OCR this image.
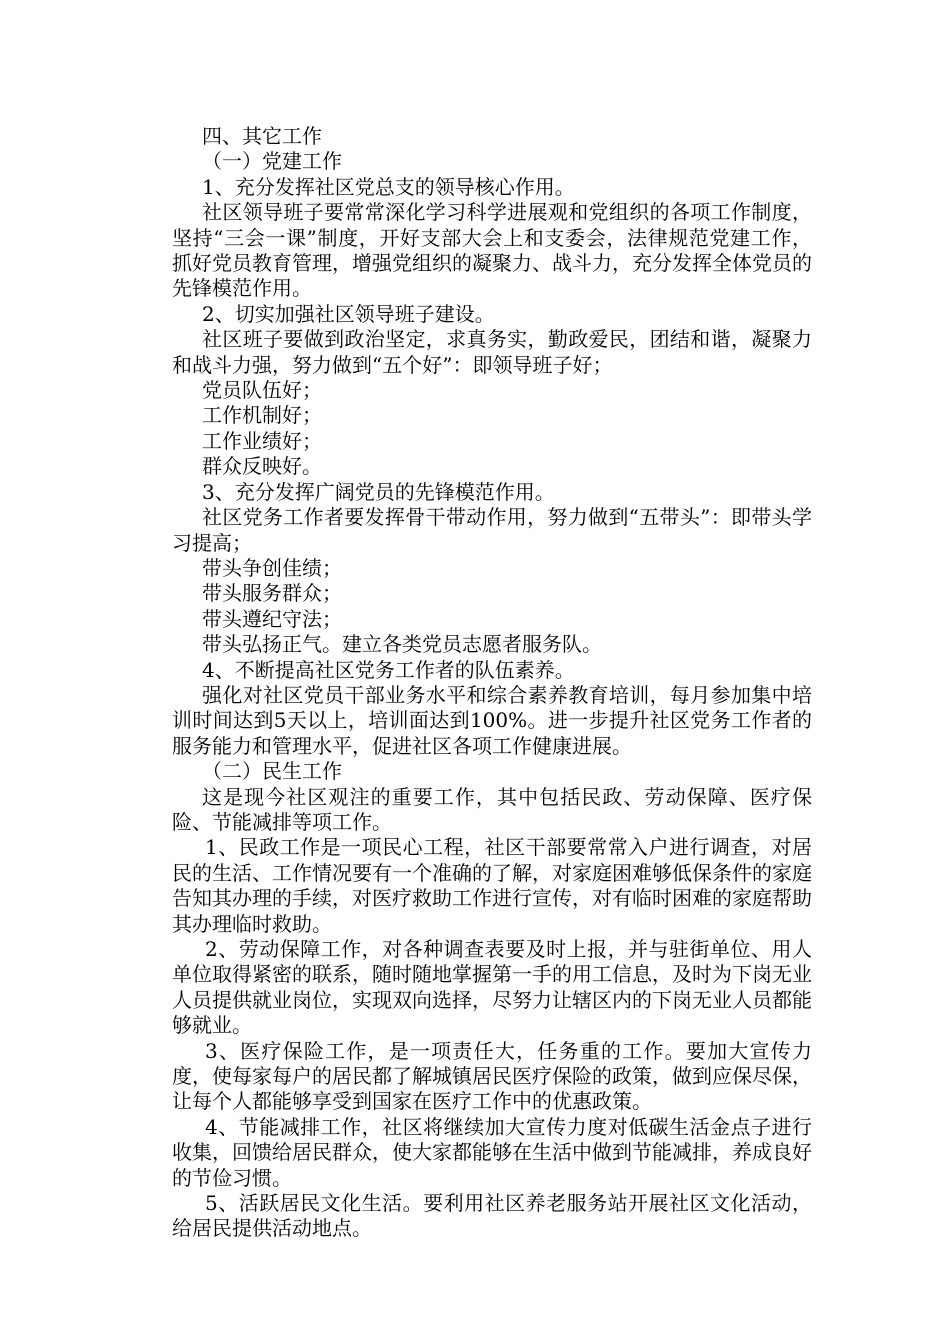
四、其它工作

（一）党建工作

1、充分发挥社区党总支的领导核心作用。

社区领导班子要常常深化学习科学进展观和党组织的各项工作制度，坚持“三会一课”制度，开好支部大会上和支委会，法律规范党建工作，抓好党员教育管理，增强党组织的凝聚力、战斗力，充分发挥全体党员的先锋模范作用。

2、切实加强社区领导班子建设。

社区班子要做到政治坚定，求真务实，勤政爱民，团结和谐，凝聚力和战斗力强，努力做到“五个好”：即领导班子好；

党员队伍好；

工作机制好；

工作业绩好；

群众反映好。

3、充分发挥广阔党员的先锋模范作用。

社区党务工作者要发挥骨干带动作用，努力做到“五带头”：即带头学习提高；

带头争创佳绩；

带头服务群众；

带头遵纪守法；

带头弘扬正气。建立各类党员志愿者服务队。

4、不断提高社区党务工作者的队伍素养。

强化对社区党员干部业务水平和综合素养教育培训，每月参加集中培训时间达到5天以上，培训面达到100%。进一步提升社区党务工作者的服务能力和管理水平，促进社区各项工作健康进展。

（二）民生工作

这是现今社区观注的重要工作，其中包括民政、劳动保障、医疗保险、节能减排等项工作。

1、民政工作是一项民心工程，社区干部要常常入户进行调查，对居民的生活、工作情况要有一个准确的了解，对家庭困难够低保条件的家庭告知其办理的手续，对医疗救助工作进行宣传，对有临时困难的家庭帮助其办理临时救助。

2、劳动保障工作，对各种调查表要及时上报，并与驻街单位、用人单位取得紧密的联系，随时随地掌握第一手的用工信息，及时为下岗无业人员提供就业岗位，实现双向选择，尽努力让辖区内的下岗无业人员都能够就业。

3、医疗保险工作，是一项责任大，任务重的工作。要加大宣传力度，使每家每户的居民都了解城镇居民医疗保险的政策，做到应保尽保，让每个人都能够享受到国家在医疗工作中的优惠政策。

4、节能减排工作，社区将继续加大宣传力度对低碳生活金点子进行收集，回馈给居民群众，使大家都能够在生活中做到节能减排，养成良好的节俭习惯。

5、活跃居民文化生活。要利用社区养老服务站开展社区文化活动，给居民提供活动地点。
